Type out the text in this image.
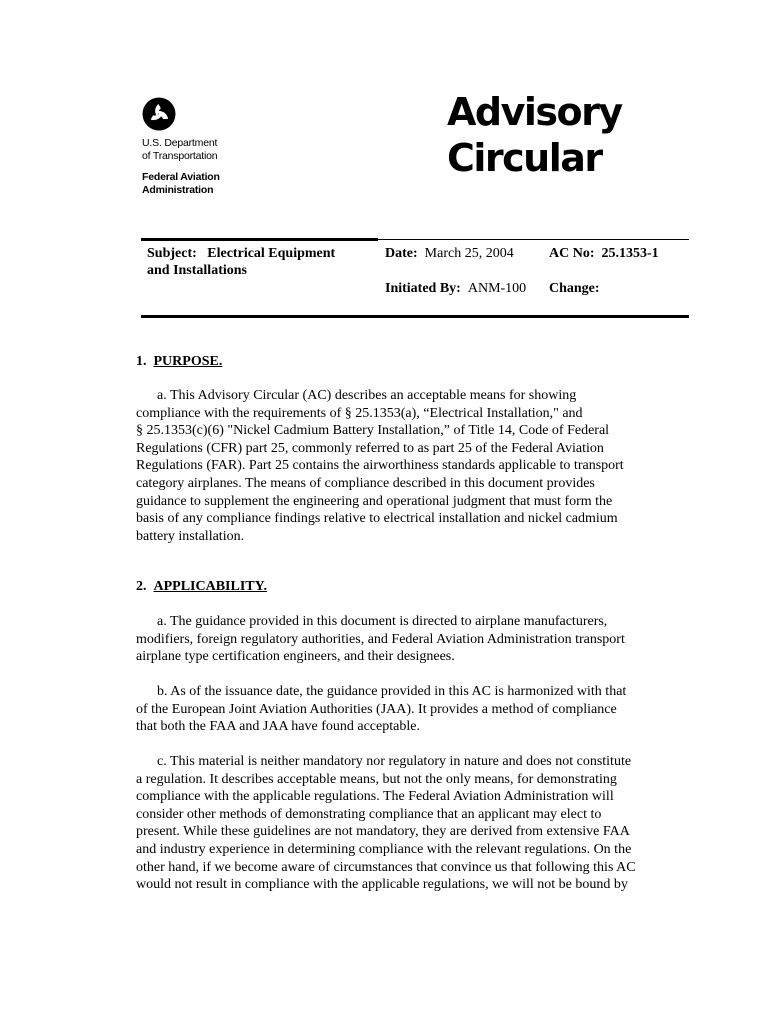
U.S. Department
of Transportation
Federal Aviation
Administration
Advisory
Circular
Subject: Electrical Equipment
and Installations
Date: March 25, 2004	AC No: 25.1353-1
Initiated By: ANM-100 Change:
1. PURPOSE.
a. This Advisory Circular (AC) describes an acceptable means for showing
compliance with the requirements of § 25.1353(a), “Electrical Installation," and
§ 25.1353(c)(6) "Nickel Cadmium Battery Installation,” of Title 14, Code of Federal
Regulations (CFR) part 25, commonly referred to as part 25 of the Federal Aviation
Regulations (FAR). Part 25 contains the airworthiness standards applicable to transport
category airplanes. The means of compliance described in this document provides
guidance to supplement the engineering and operational judgment that must form the
basis of any compliance findings relative to electrical installation and nickel cadmium
battery installation.
2. APPLICABILITY.
a. The guidance provided in this document is directed to airplane manufacturers,
modifiers, foreign regulatory authorities, and Federal Aviation Administration transport
airplane type certification engineers, and their designees.
b. As of the issuance date, the guidance provided in this AC is harmonized with that
of the European Joint Aviation Authorities (JAA). It provides a method of compliance
that both the FAA and JAA have found acceptable.
c. This material is neither mandatory nor regulatory in nature and does not constitute
a regulation. It describes acceptable means, but not the only means, for demonstrating
compliance with the applicable regulations. The Federal Aviation Administration will
consider other methods of demonstrating compliance that an applicant may elect to
present. While these guidelines are not mandatory, they are derived from extensive FAA
and industry experience in determining compliance with the relevant regulations. On the
other hand, if we become aware of circumstances that convince us that following this AC
would not result in compliance with the applicable regulations, we will not be bound by
